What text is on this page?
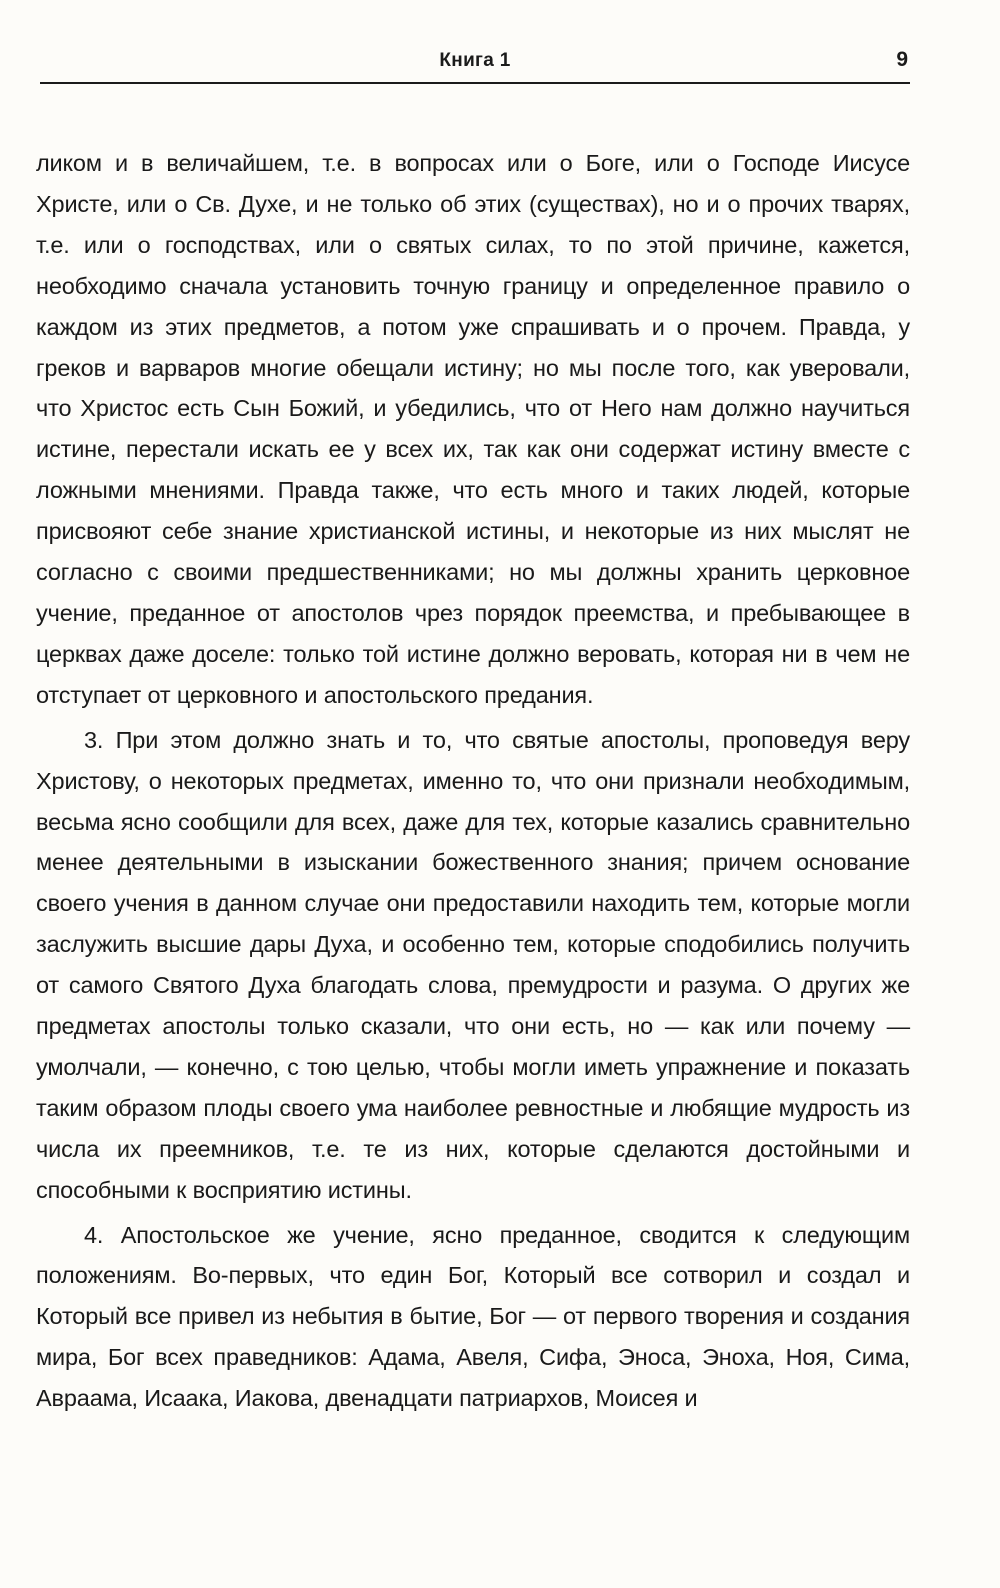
Книга 1	9

ликом и в величайшем, т.е. в вопросах или о Боге, или о Господе Иисусе Христе, или о Св. Духе, и не только об этих (существах), но и о прочих тварях, т.е. или о господствах, или о святых силах, то по этой причине, кажется, необходимо сначала установить точную границу и определенное правило о каждом из этих предметов, а потом уже спрашивать и о прочем. Правда, у греков и варваров многие обещали истину; но мы после того, как уверовали, что Христос есть Сын Божий, и убедились, что от Него нам должно научиться истине, перестали искать ее у всех их, так как они содержат истину вместе с ложными мнениями. Правда также, что есть много и таких людей, которые присвояют себе знание христианской истины, и некоторые из них мыслят не согласно с своими предшественниками; но мы должны хранить церковное учение, преданное от апостолов чрез порядок преемства, и пребывающее в церквах даже доселе: только той истине должно веровать, которая ни в чем не отступает от церковного и апостольского предания.

3. При этом должно знать и то, что святые апостолы, проповедуя веру Христову, о некоторых предметах, именно то, что они признали необходимым, весьма ясно сообщили для всех, даже для тех, которые казались сравнительно менее деятельными в изыскании божественного знания; причем основание своего учения в данном случае они предоставили находить тем, которые могли заслужить высшие дары Духа, и особенно тем, которые сподобились получить от самого Святого Духа благодать слова, премудрости и разума. О других же предметах апостолы только сказали, что они есть, но — как или почему — умолчали, — конечно, с тою целью, чтобы могли иметь упражнение и показать таким образом плоды своего ума наиболее ревностные и любящие мудрость из числа их преемников, т.е. те из них, которые сделаются достойными и способными к восприятию истины.

4. Апостольское же учение, ясно преданное, сводится к следующим положениям. Во-первых, что един Бог, Который все сотворил и создал и Который все привел из небытия в бытие, Бог — от первого творения и создания мира, Бог всех праведников: Адама, Авеля, Сифа, Эноса, Эноха, Ноя, Сима, Авраама, Исаака, Иакова, двенадцати патриархов, Моисея и
